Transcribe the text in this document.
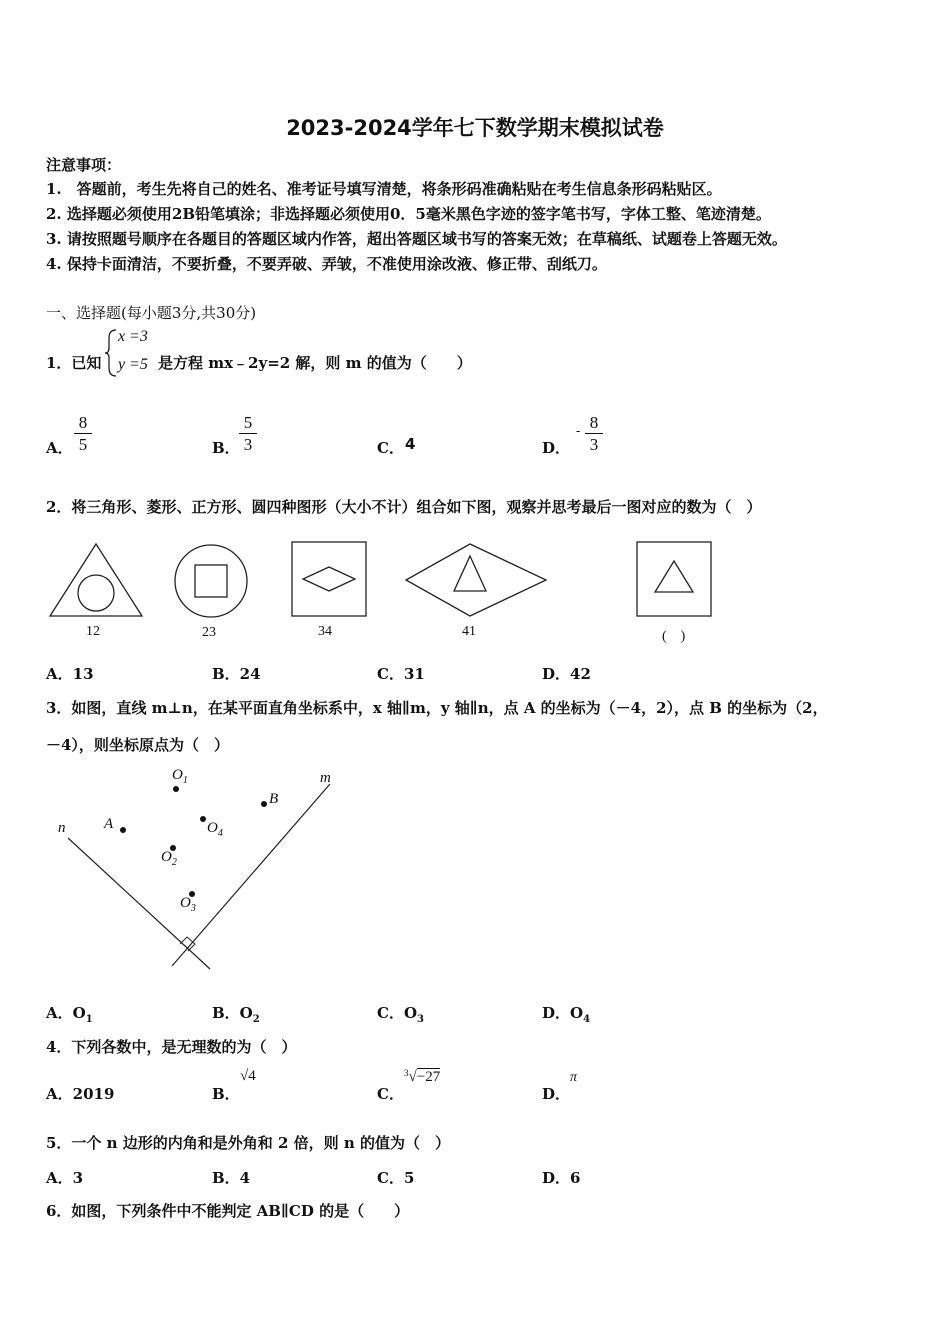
2023-2024学年七下数学期末模拟试卷
注意事项：
1.　答题前，考生先将自己的姓名、准考证号填写清楚，将条形码准确粘贴在考生信息条形码粘贴区。
2. 选择题必须使用2B铅笔填涂；非选择题必须使用0．5毫米黑色字迹的签字笔书写，字体工整、笔迹清楚。
3. 请按照题号顺序在各题目的答题区域内作答，超出答题区域书写的答案无效；在草稿纸、试题卷上答题无效。
4. 保持卡面清洁，不要折叠，不要弄破、弄皱，不准使用涂改液、修正带、刮纸刀。
一、选择题(每小题3分,共30分)
1．已知
x =3
y =5 是方程 mx﹣2y=2 解，则 m 的值为（　　）
A． $\frac{8}{5}$	B． $\frac{5}{3}$	C． 4	D．
- $\frac{8}{3}$
2．将三角形、菱形、正方形、圆四种图形（大小不计）组合如下图，观察并思考最后一图对应的数为（　）
12	23	34	41	(　)
A．13	B．24	C．31	D．42
3．如图，直线 m⊥n，在某平面直角坐标系中，x 轴∥m，y 轴∥n，点 A 的坐标为（－4，2），点 B 的坐标为（2，
－4），则坐标原点为（　）
m
n	A
B
$O_1$
$O_4$
$O_2$
$O_3$
A．$O_1$	B．$O_2$	C．$O_3$	D．$O_4$
4．下列各数中，是无理数的为（　）
A．2019	B．
√4
C．
$^3$√−27
D．
π
5．一个 n 边形的内角和是外角和 2 倍，则 n 的值为（　）
A．3	B．4	C．5	D．6
6．如图，下列条件中不能判定 AB∥CD 的是（　　）
